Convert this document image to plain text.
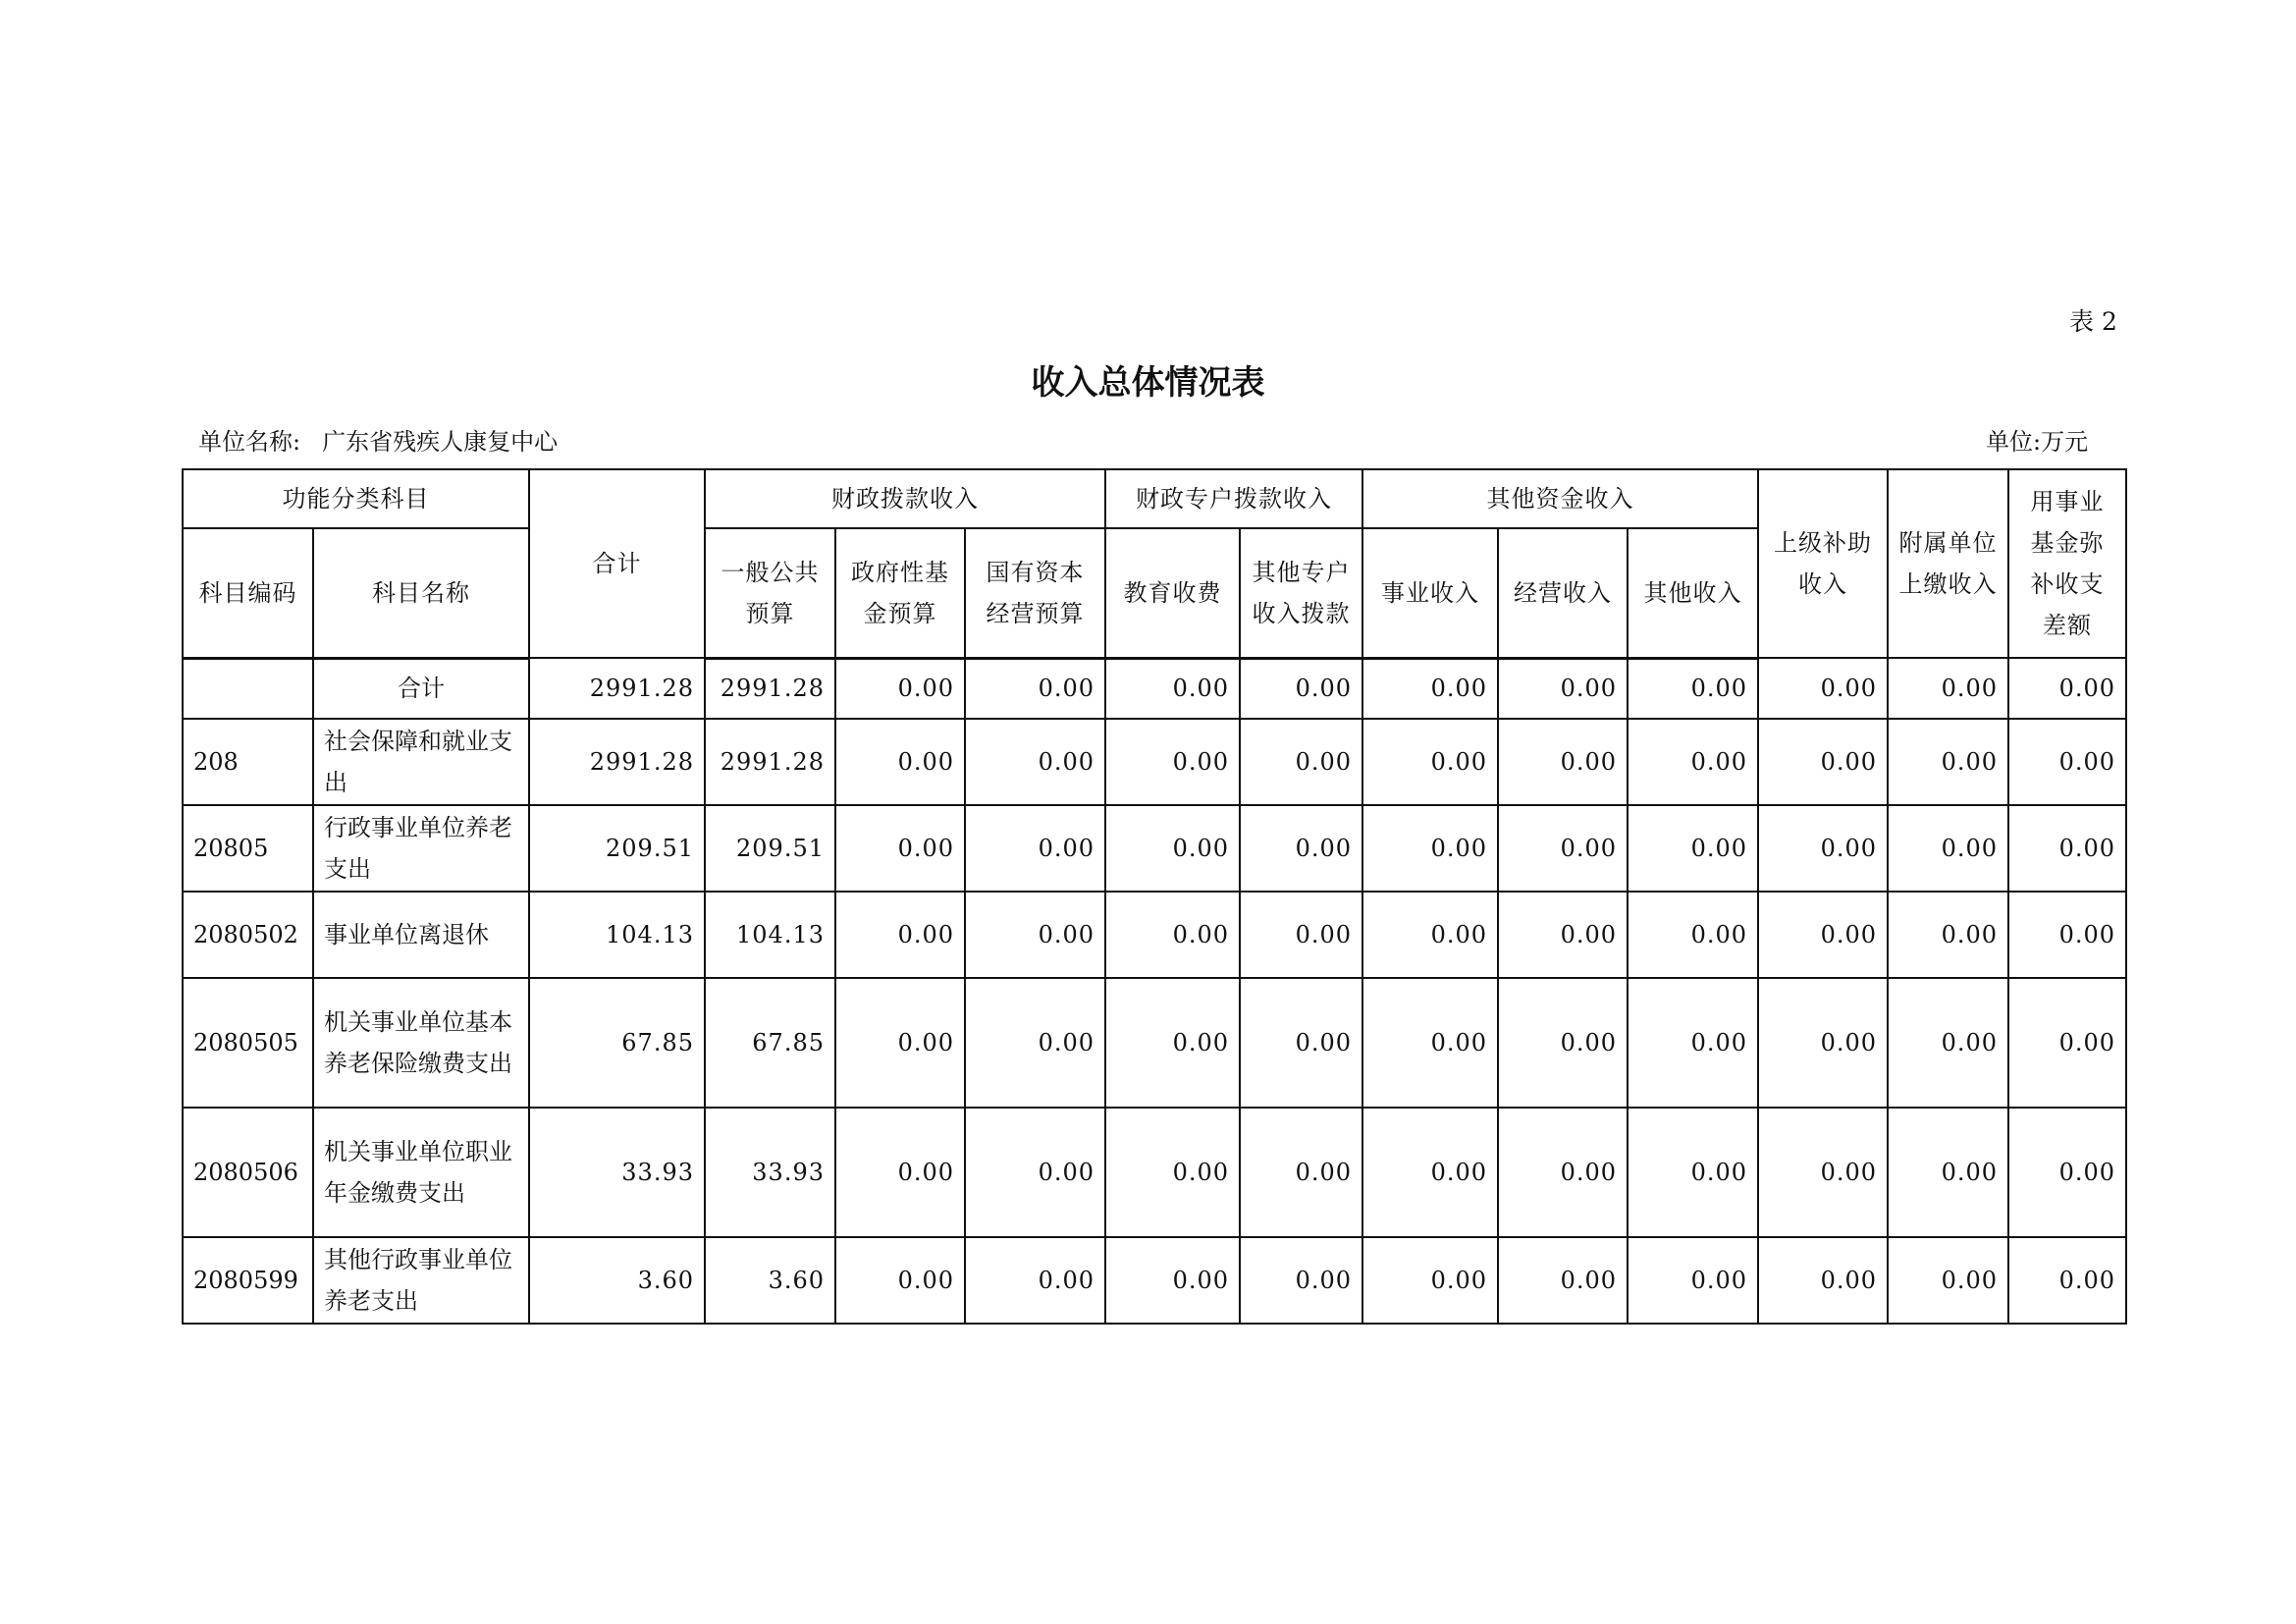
表 2
收入总体情况表
单位名称: 广东省残疾人康复中心	单位:万元
功能分类科目		合计	财政拨款收入			财政专户拨款收入		其他资金收入			上级补助收入	附属单位上缴收入	用事业基金弥补收支差额
科目编码	科目名称		一般公共预算	政府性基金预算	国有资本经营预算	教育收费	其他专户收入拨款	事业收入	经营收入	其他收入			
	合计	2991.28	2991.28	0.00	0.00	0.00	0.00	0.00	0.00	0.00	0.00	0.00	0.00
208	社会保障和就业支出	2991.28	2991.28	0.00	0.00	0.00	0.00	0.00	0.00	0.00	0.00	0.00	0.00
20805	行政事业单位养老支出	209.51	209.51	0.00	0.00	0.00	0.00	0.00	0.00	0.00	0.00	0.00	0.00
2080502	事业单位离退休	104.13	104.13	0.00	0.00	0.00	0.00	0.00	0.00	0.00	0.00	0.00	0.00
2080505	机关事业单位基本养老保险缴费支出	67.85	67.85	0.00	0.00	0.00	0.00	0.00	0.00	0.00	0.00	0.00	0.00
2080506	机关事业单位职业年金缴费支出	33.93	33.93	0.00	0.00	0.00	0.00	0.00	0.00	0.00	0.00	0.00	0.00
2080599	其他行政事业单位养老支出	3.60	3.60	0.00	0.00	0.00	0.00	0.00	0.00	0.00	0.00	0.00	0.00
